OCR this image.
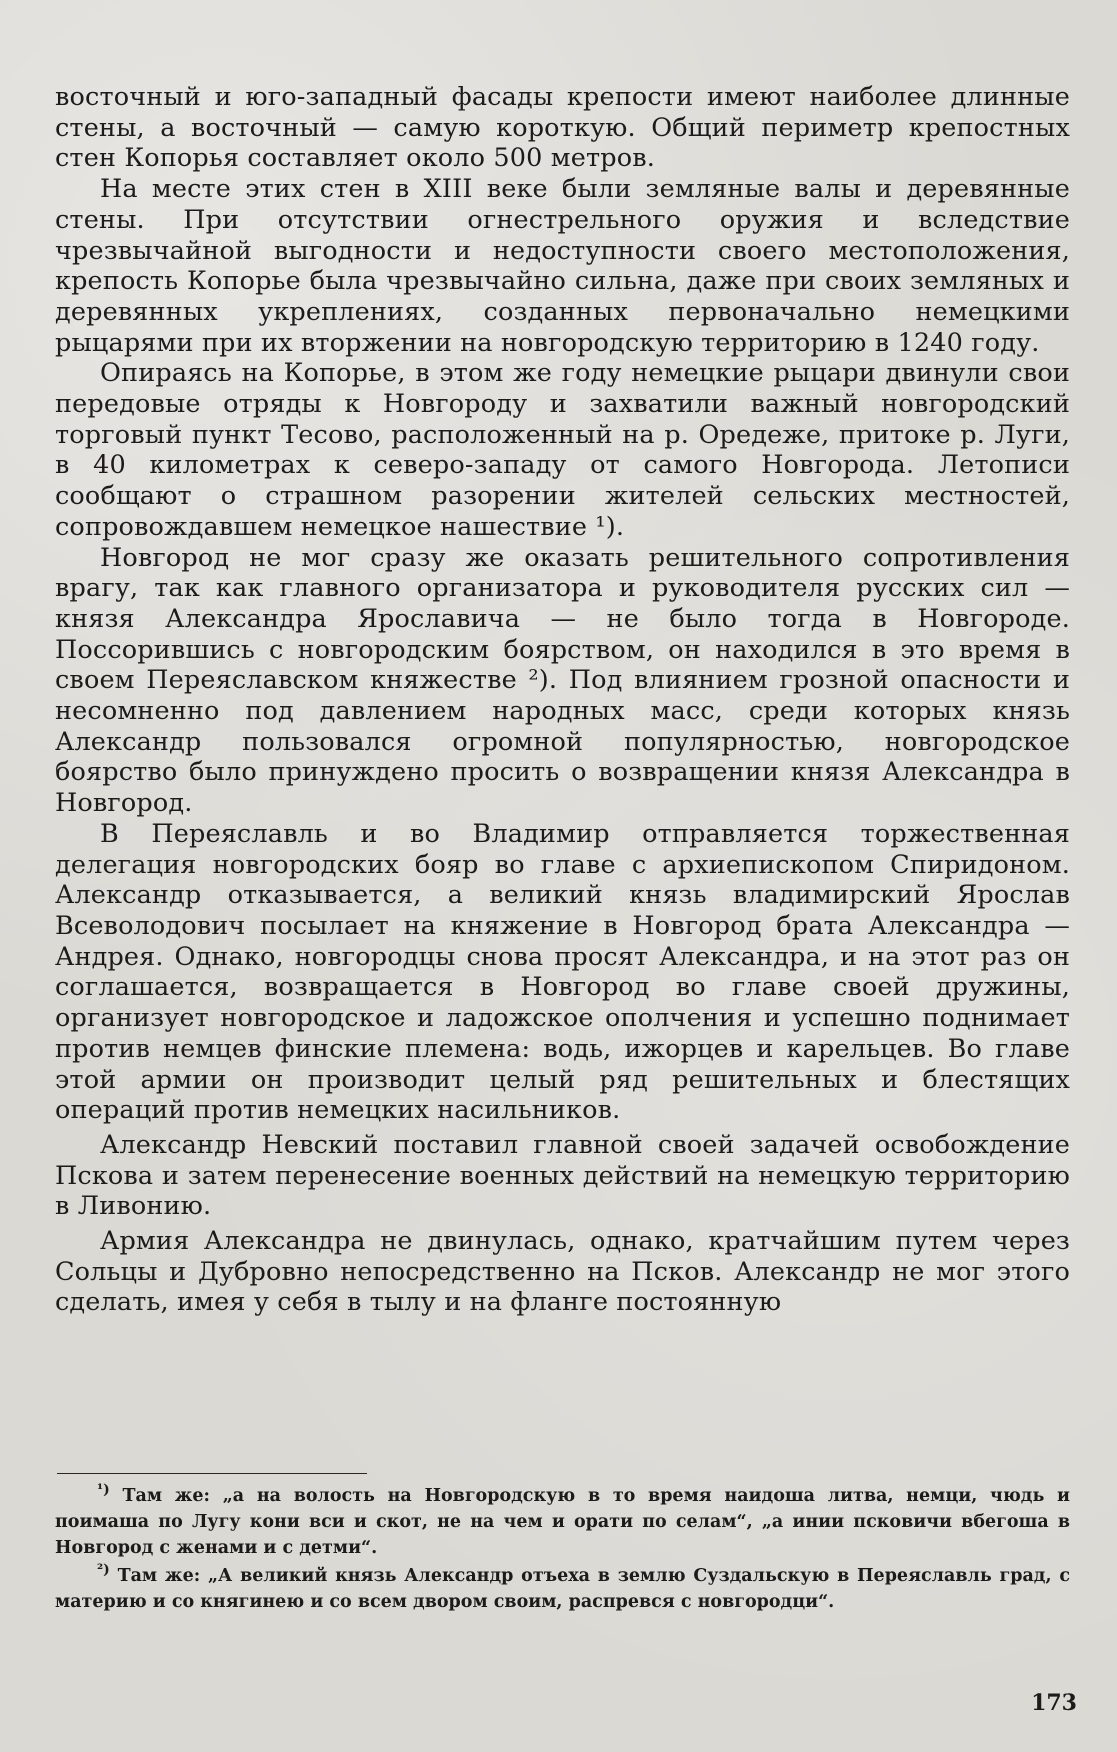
восточный и юго-западный фасады крепости имеют наиболее длинные стены, а восточный — самую короткую. Общий периметр крепостных стен Копорья составляет около 500 метров.

На месте этих стен в XIII веке были земляные валы и деревянные стены. При отсутствии огнестрельного оружия и вследствие чрезвычайной выгодности и недоступности своего местоположения, крепость Копорье была чрезвычайно сильна, даже при своих земляных и деревянных укреплениях, созданных первоначально немецкими рыцарями при их вторжении на новгородскую территорию в 1240 году.

Опираясь на Копорье, в этом же году немецкие рыцари двинули свои передовые отряды к Новгороду и захватили важный новгородский торговый пункт Тесово, расположенный на р. Оредеже, притоке р. Луги, в 40 километрах к северо-западу от самого Новгорода. Летописи сообщают о страшном разорении жителей сельских местностей, сопровождавшем немецкое нашествие ¹).

Новгород не мог сразу же оказать решительного сопротивления врагу, так как главного организатора и руководителя русских сил — князя Александра Ярославича — не было тогда в Новгороде. Поссорившись с новгородским боярством, он находился в это время в своем Переяславском княжестве ²). Под влиянием грозной опасности и несомненно под давлением народных масс, среди которых князь Александр пользовался огромной популярностью, новгородское боярство было принуждено просить о возвращении князя Александра в Новгород.

В Переяславль и во Владимир отправляется торжественная делегация новгородских бояр во главе с архиепископом Спиридоном. Александр отказывается, а великий князь владимирский Ярослав Всеволодович посылает на княжение в Новгород брата Александра — Андрея. Однако, новгородцы снова просят Александра, и на этот раз он соглашается, возвращается в Новгород во главе своей дружины, организует новгородское и ладожское ополчения и успешно поднимает против немцев финские племена: водь, ижорцев и карельцев. Во главе этой армии он производит целый ряд решительных и блестящих операций против немецких насильников.

Александр Невский поставил главной своей задачей освобождение Пскова и затем перенесение военных действий на немецкую территорию в Ливонию.

Армия Александра не двинулась, однако, кратчайшим путем через Сольцы и Дубровно непосредственно на Псков. Александр не мог этого сделать, имея у себя в тылу и на фланге постоянную

$^{^1)}$ Там же: „а на волость на Новгородскую в то время наидоша литва, немци, чюдь и поимаша по Лугу кони вси и скот, не на чем и орати по селам“, „а инии псковичи вбегоша в Новгород с женами и с детми“.

$^{^2)}$ Там же: „А великий князь Александр отъеха в землю Суздальскую в Переяславль град, с материю и со княгинею и со всем двором своим, распревся с новгородци“.

173
